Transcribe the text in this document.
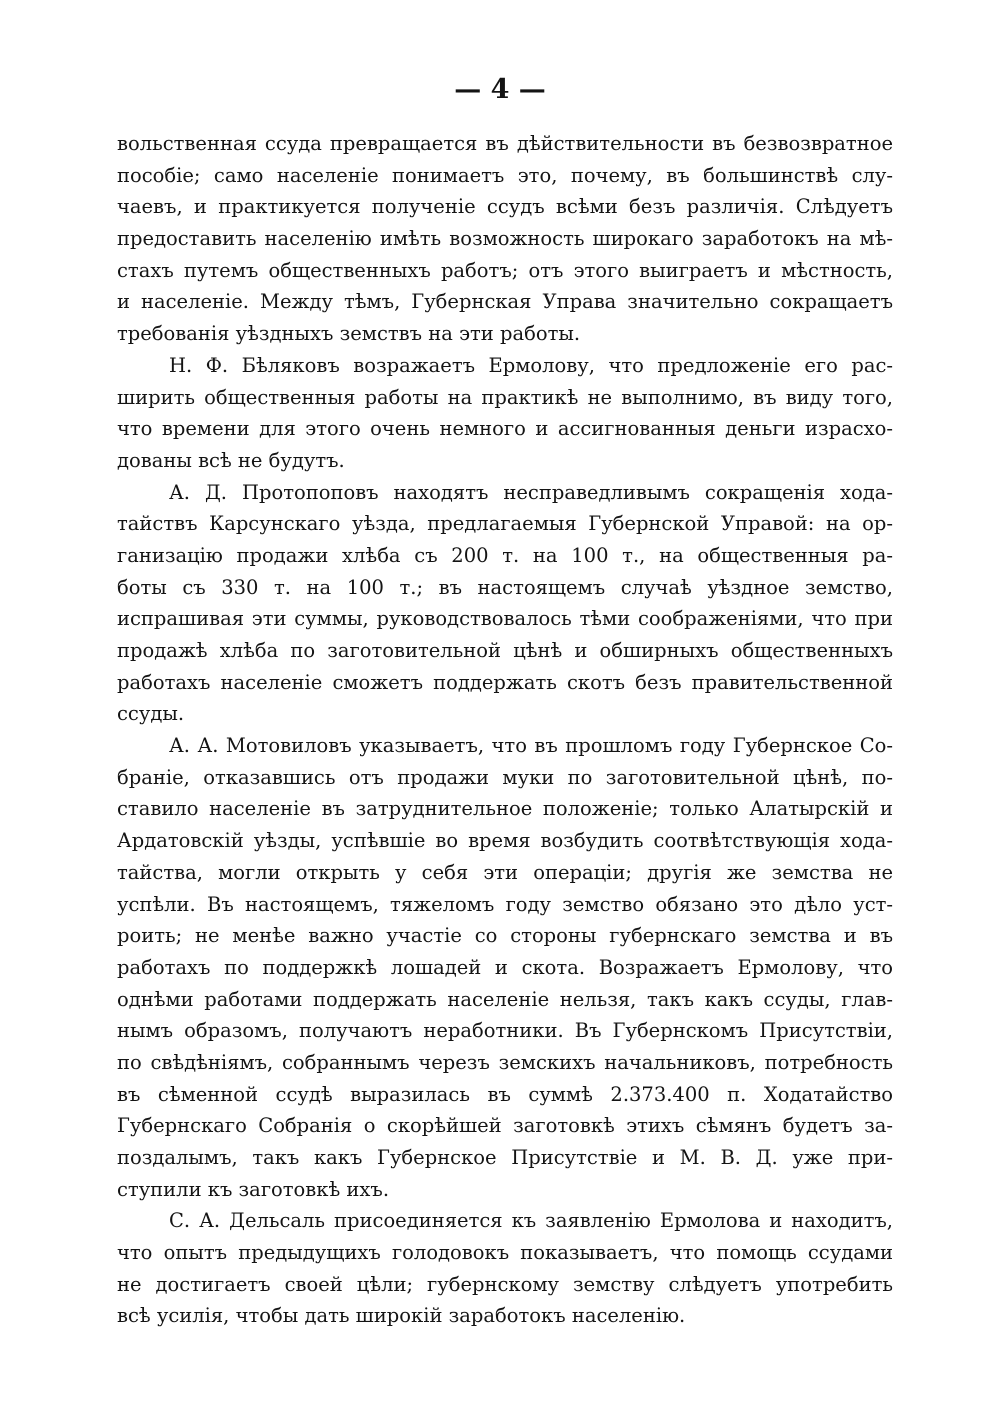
— 4 —
вольственная ссуда превращается въ дѣйствительности въ безвозвратное
пособіе; само населеніе понимаетъ это, почему, въ большинствѣ слу-
чаевъ, и практикуется полученіе ссудъ всѣми безъ различія. Слѣдуетъ
предоставить населенію имѣть возможность широкаго заработокъ на мѣ-
стахъ путемъ общественныхъ работъ; отъ этого выиграетъ и мѣстность,
и населеніе. Между тѣмъ, Губернская Управа значительно сокращаетъ
требованія уѣздныхъ земствъ на эти работы.
Н. Ф. Бѣляковъ возражаетъ Ермолову, что предложеніе его рас-
ширить общественныя работы на практикѣ не выполнимо, въ виду того,
что времени для этого очень немного и ассигнованныя деньги израсхо-
дованы всѣ не будутъ.
А. Д. Протопоповъ находятъ несправедливымъ сокращенія хода-
тайствъ Карсунскаго уѣзда, предлагаемыя Губернской Управой: на ор-
ганизацію продажи хлѣба съ 200 т. на 100 т., на общественныя ра-
боты съ 330 т. на 100 т.; въ настоящемъ случаѣ уѣздное земство,
испрашивая эти суммы, руководствовалось тѣми соображеніями, что при
продажѣ хлѣба по заготовительной цѣнѣ и обширныхъ общественныхъ
работахъ населеніе сможетъ поддержать скотъ безъ правительственной
ссуды.
А. А. Мотовиловъ указываетъ, что въ прошломъ году Губернское Со-
браніе, отказавшись отъ продажи муки по заготовительной цѣнѣ, по-
ставило населеніе въ затруднительное положеніе; только Алатырскій и
Ардатовскій уѣзды, успѣвшіе во время возбудить соотвѣтствующія хода-
тайства, могли открыть у себя эти операціи; другія же земства не
успѣли. Въ настоящемъ, тяжеломъ году земство обязано это дѣло уст-
роить; не менѣе важно участіе со стороны губернскаго земства и въ
работахъ по поддержкѣ лошадей и скота. Возражаетъ Ермолову, что
однѣми работами поддержать населеніе нельзя, такъ какъ ссуды, глав-
нымъ образомъ, получаютъ неработники. Въ Губернскомъ Присутствіи,
по свѣдѣніямъ, собраннымъ черезъ земскихъ начальниковъ, потребность
въ сѣменной ссудѣ выразилась въ суммѣ 2.373.400 п. Ходатайство
Губернскаго Собранія о скорѣйшей заготовкѣ этихъ сѣмянъ будетъ за-
поздалымъ, такъ какъ Губернское Присутствіе и М. В. Д. уже при-
ступили къ заготовкѣ ихъ.
С. А. Дельсаль присоединяется къ заявленію Ермолова и находитъ,
что опытъ предыдущихъ голодовокъ показываетъ, что помощь ссудами
не достигаетъ своей цѣли; губернскому земству слѣдуетъ употребить
всѣ усилія, чтобы дать широкій заработокъ населенію.
